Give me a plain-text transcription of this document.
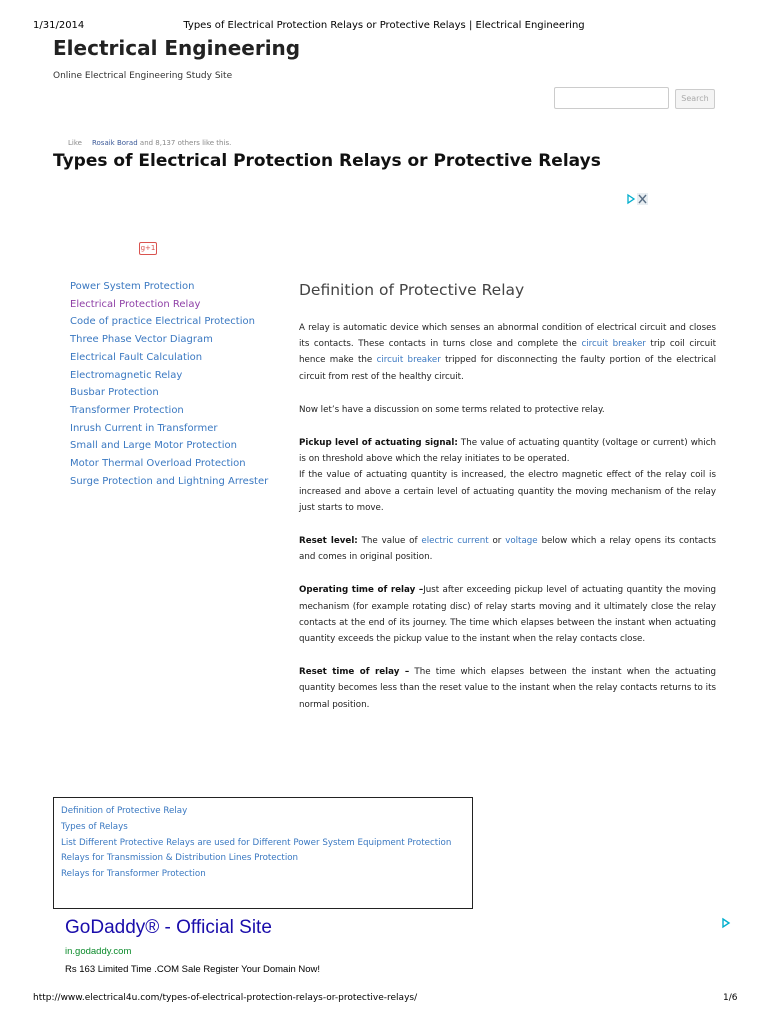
Types of Electrical Protection Relays or Protective Relays | Electrical Engineering
1/31/2014
Electrical Engineering
Online Electrical Engineering Study Site
Search
Like Rosaik Borad and 8,137 others like this.
Types of Electrical Protection Relays or Protective Relays
g+1
Power System Protection
Electrical Protection Relay
Code of practice Electrical Protection
Three Phase Vector Diagram
Electrical Fault Calculation
Electromagnetic Relay
Busbar Protection
Transformer Protection
Inrush Current in Transformer
Small and Large Motor Protection
Motor Thermal Overload Protection
Surge Protection and Lightning Arrester
Definition of Protective Relay

A relay is automatic device which senses an abnormal condition of electrical circuit and closes its contacts. These contacts in turns close and complete the circuit breaker trip coil circuit hence make the circuit breaker tripped for disconnecting the faulty portion of the electrical circuit from rest of the healthy circuit.

Now let’s have a discussion on some terms related to protective relay.

Pickup level of actuating signal: The value of actuating quantity (voltage or current) which is on threshold above which the relay initiates to be operated.
If the value of actuating quantity is increased, the electro magnetic effect of the relay coil is increased and above a certain level of actuating quantity the moving mechanism of the relay just starts to move.

Reset level: The value of electric current or voltage below which a relay opens its contacts and comes in original position.

Operating time of relay –Just after exceeding pickup level of actuating quantity the moving mechanism (for example rotating disc) of relay starts moving and it ultimately close the relay contacts at the end of its journey. The time which elapses between the instant when actuating quantity exceeds the pickup value to the instant when the relay contacts close.

Reset time of relay – The time which elapses between the instant when the actuating quantity becomes less than the reset value to the instant when the relay contacts returns to its normal position.

Definition of Protective Relay
Types of Relays
List Different Protective Relays are used for Different Power System Equipment Protection
Relays for Transmission & Distribution Lines Protection
Relays for Transformer Protection
GoDaddy® - Official Site
in.godaddy.com
Rs 163 Limited Time .COM Sale Register Your Domain Now!
http://www.electrical4u.com/types-of-electrical-protection-relays-or-protective-relays/	1/6
